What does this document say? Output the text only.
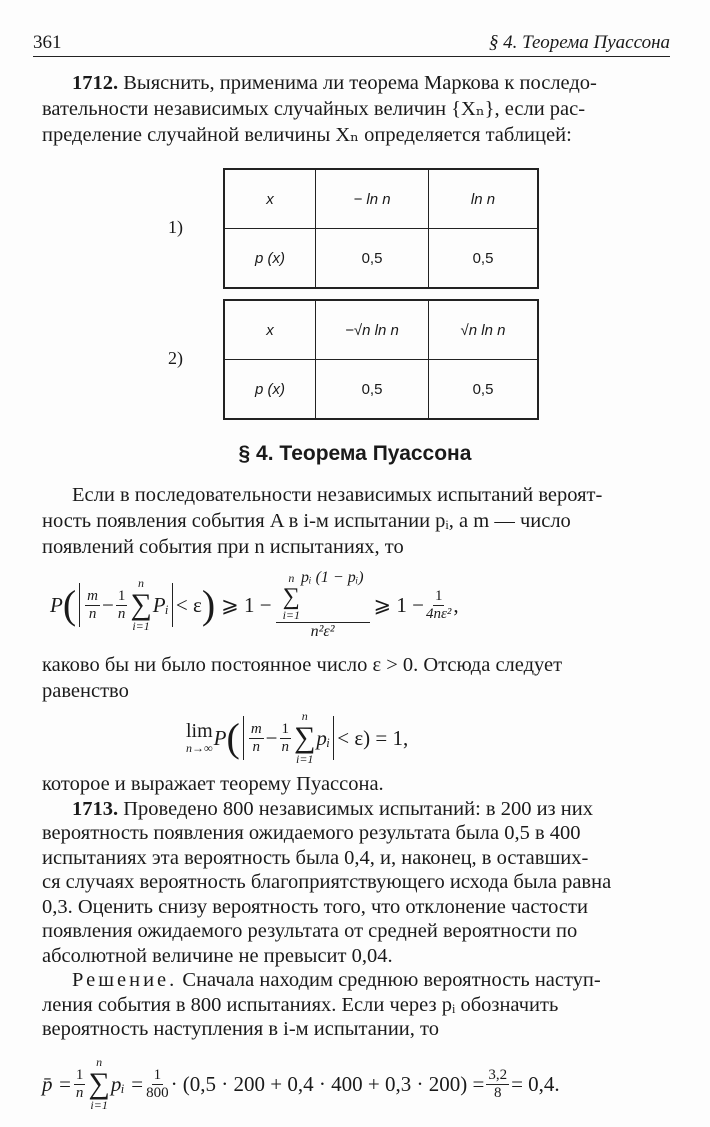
361	§ 4. Теорема Пуассона
1712. Выяснить, применима ли теорема Маркова к последо-
вательности независимых случайных величин {Xₙ}, если рас-
пределение случайной величины Xₙ определяется таблицей:
1)
x	− ln n	ln n
p (x)	0,5	0,5
2)
x	−√n ln n	√n ln n
p (x)	0,5	0,5
§ 4. Теорема Пуассона
Если в последовательности независимых испытаний вероят-
ность появления события A в i-м испытании pᵢ, а m — число
появлений события при n испытаниях, то
P ( $\frac{m}{n} - \frac{1}{n}$
n
∑
i=1
Pᵢ < ε ) ⩾ 1 − n
∑
i=1
pᵢ (1 − pᵢ)
n²ε² ⩾ $1 - \frac{1}{\text{4nε²}}$ ,
каково бы ни было постоянное число ε > 0. Отсюда следует
равенство
lim
n→∞ P ( $\frac{m}{n} - \frac{1}{n}$
n
∑
i=1
pᵢ < ε) = 1,
которое и выражает теорему Пуассона.
1713. Проведено 800 независимых испытаний: в 200 из них
вероятность появления ожидаемого результата была 0,5 в 400
испытаниях эта вероятность была 0,4, и, наконец, в оставших-
ся случаях вероятность благоприятствующего исхода была равна
0,3. Оценить снизу вероятность того, что отклонение частости
появления ожидаемого результата от средней вероятности по
абсолютной величине не превысит 0,04.
Решение. Сначала находим среднюю вероятность наступ-
ления события в 800 испытаниях. Если через pᵢ обозначить
вероятность наступления в i-м испытании, то
p̄ = $\frac{1}{n}$
n
∑
i=1
pᵢ = $\frac{1}{800} \cdot (0,5 \cdot 200 + 0,4 \cdot 400 + 0,3 \cdot 200) = \frac{3,2}{8} = 0,4$.
